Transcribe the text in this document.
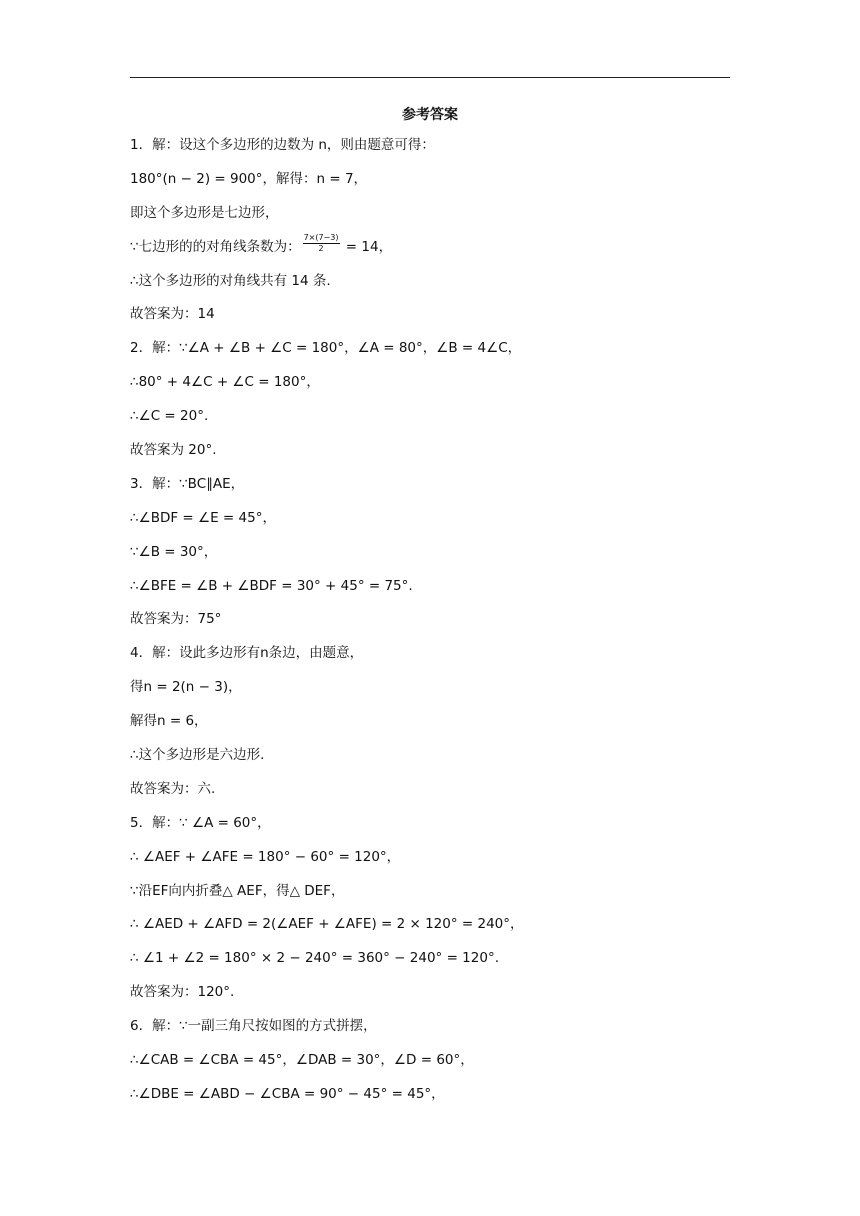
参考答案
1．解：设这个多边形的边数为 n，则由题意可得：
180°(n − 2) = 900°，解得：n = 7，
即这个多边形是七边形，
∵七边形的的对角线条数为： $\frac{7\times(7-3)}{2} = 14$，
∴这个多边形的对角线共有 14 条.
故答案为：14
2．解：∵∠A + ∠B + ∠C = 180°，∠A = 80°，∠B = 4∠C，
∴80° + 4∠C + ∠C = 180°，
∴∠C = 20°.
故答案为 20°.
3．解：∵BC∥AE，
∴∠BDF = ∠E = 45°，
∵∠B = 30°，
∴∠BFE = ∠B + ∠BDF = 30° + 45° = 75°.
故答案为：75°
4．解：设此多边形有n条边，由题意，
得n = 2(n − 3)，
解得n = 6，
∴这个多边形是六边形.
故答案为：六.
5．解：∵ ∠A = 60°，
∴ ∠AEF + ∠AFE = 180° − 60° = 120°，
∵沿EF向内折叠△ AEF，得△ DEF，
∴ ∠AED + ∠AFD = 2(∠AEF + ∠AFE) = 2 × 120° = 240°，
∴ ∠1 + ∠2 = 180° × 2 − 240° = 360° − 240° = 120°.
故答案为：120°.
6．解：∵一副三角尺按如图的方式拼摆，
∴∠CAB = ∠CBA = 45°，∠DAB = 30°，∠D = 60°，
∴∠DBE = ∠ABD − ∠CBA = 90° − 45° = 45°，
